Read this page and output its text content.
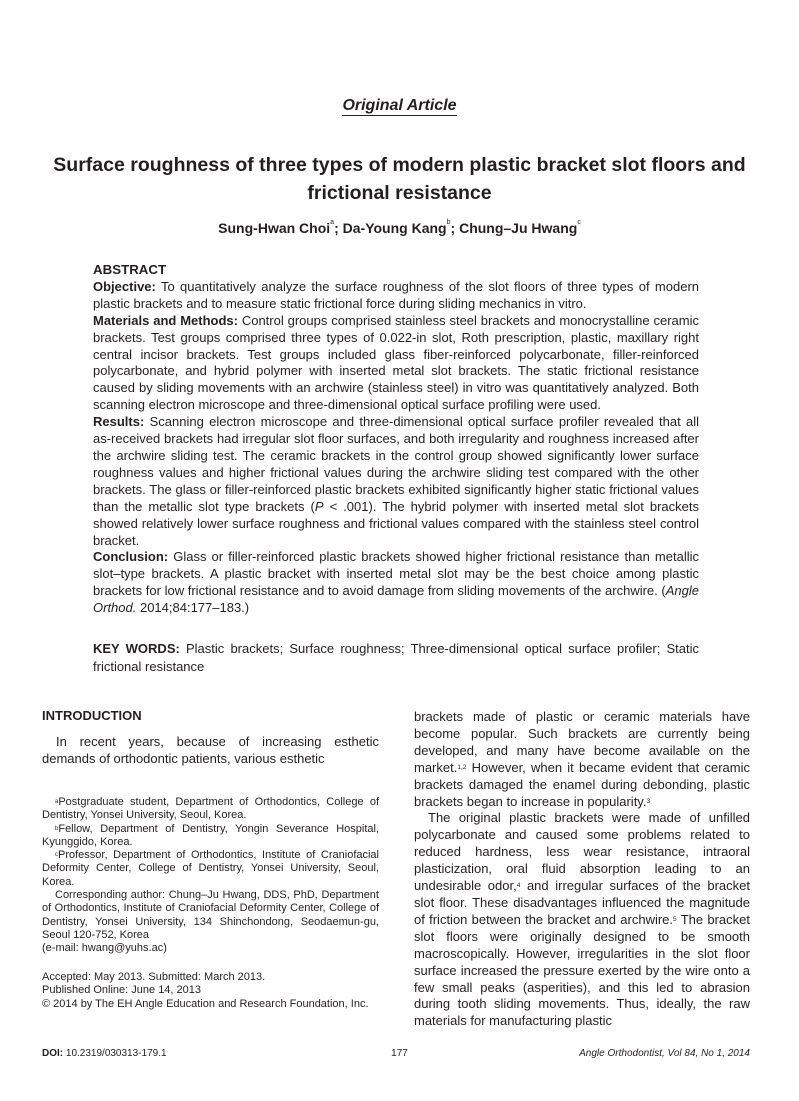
Original Article
Surface roughness of three types of modern plastic bracket slot floors and frictional resistance
Sung-Hwan Choi$^a$; Da-Young Kang$^b$; Chung–Ju Hwang$^c$

ABSTRACT

Objective: To quantitatively analyze the surface roughness of the slot floors of three types of modern plastic brackets and to measure static frictional force during sliding mechanics in vitro.

Materials and Methods: Control groups comprised stainless steel brackets and monocrystalline ceramic brackets. Test groups comprised three types of 0.022-in slot, Roth prescription, plastic, maxillary right central incisor brackets. Test groups included glass fiber-reinforced polycarbonate, filler-reinforced polycarbonate, and hybrid polymer with inserted metal slot brackets. The static frictional resistance caused by sliding movements with an archwire (stainless steel) in vitro was quantitatively analyzed. Both scanning electron microscope and three-dimensional optical surface profiling were used.

Results: Scanning electron microscope and three-dimensional optical surface profiler revealed that all as-received brackets had irregular slot floor surfaces, and both irregularity and roughness increased after the archwire sliding test. The ceramic brackets in the control group showed significantly lower surface roughness values and higher frictional values during the archwire sliding test compared with the other brackets. The glass or filler-reinforced plastic brackets exhibited significantly higher static frictional values than the metallic slot type brackets (P < .001). The hybrid polymer with inserted metal slot brackets showed relatively lower surface roughness and frictional values compared with the stainless steel control bracket.

Conclusion: Glass or filler-reinforced plastic brackets showed higher frictional resistance than metallic slot–type brackets. A plastic bracket with inserted metal slot may be the best choice among plastic brackets for low frictional resistance and to avoid damage from sliding movements of the archwire. (Angle Orthod. 2014;84:177–183.)

KEY WORDS: Plastic brackets; Surface roughness; Three-dimensional optical surface profiler; Static frictional resistance

INTRODUCTION

In recent years, because of increasing esthetic demands of orthodontic patients, various esthetic

$^a$Postgraduate student, Department of Orthodontics, College of Dentistry, Yonsei University, Seoul, Korea.

$^b$Fellow, Department of Dentistry, Yongin Severance Hospital, Kyunggido, Korea.

$^c$Professor, Department of Orthodontics, Institute of Craniofacial Deformity Center, College of Dentistry, Yonsei University, Seoul, Korea.

Corresponding author: Chung–Ju Hwang, DDS, PhD, Department of Orthodontics, Institute of Craniofacial Deformity Center, College of Dentistry, Yonsei University, 134 Shinchondong, Seodaemun-gu, Seoul 120-752, Korea

(e-mail: hwang@yuhs.ac)

Accepted: May 2013. Submitted: March 2013.

Published Online: June 14, 2013

© 2014 by The EH Angle Education and Research Foundation, Inc.

brackets made of plastic or ceramic materials have become popular. Such brackets are currently being developed, and many have become available on the market.$^{1,2}$ However, when it became evident that ceramic brackets damaged the enamel during debonding, plastic brackets began to increase in popularity.$^3$

The original plastic brackets were made of unfilled polycarbonate and caused some problems related to reduced hardness, less wear resistance, intraoral plasticization, oral fluid absorption leading to an undesirable odor,$^4$ and irregular surfaces of the bracket slot floor. These disadvantages influenced the magnitude of friction between the bracket and archwire.$^5$ The bracket slot floors were originally designed to be smooth macroscopically. However, irregularities in the slot floor surface increased the pressure exerted by the wire onto a few small peaks (asperities), and this led to abrasion during tooth sliding movements. Thus, ideally, the raw materials for manufacturing plastic

DOI: 10.2319/030313-179.1	177	Angle Orthodontist, Vol 84, No 1, 2014
